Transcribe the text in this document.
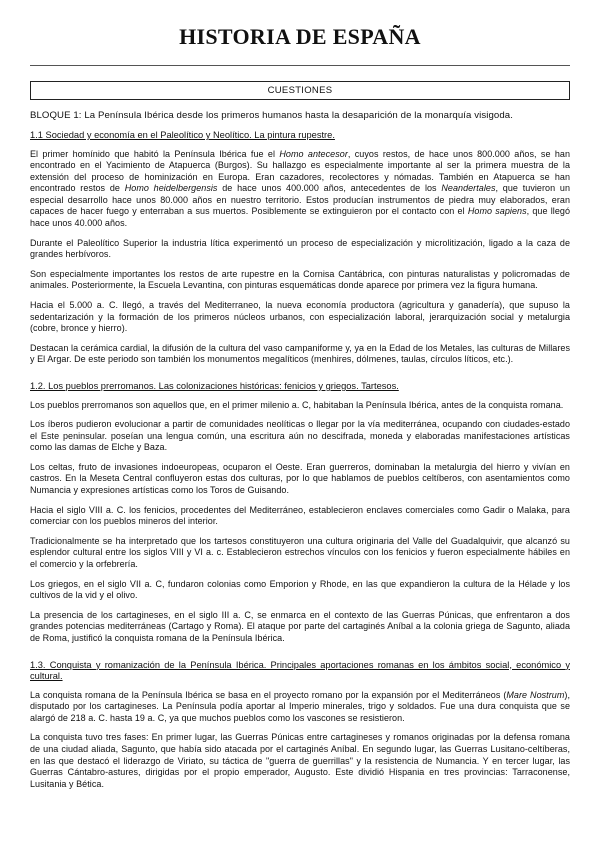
HISTORIA DE ESPAÑA
CUESTIONES

BLOQUE 1: La Península Ibérica desde los primeros humanos hasta la desaparición de la monarquía visigoda.

1.1 Sociedad y economía en el Paleolítico y Neolítico. La pintura rupestre.

El primer homínido que habitó la Península Ibérica fue el Homo antecesor, cuyos restos, de hace unos 800.000 años, se han encontrado en el Yacimiento de Atapuerca (Burgos). Su hallazgo es especialmente importante al ser la primera muestra de la extensión del proceso de hominización en Europa. Eran cazadores, recolectores y nómadas. También en Atapuerca se han encontrado restos de Homo heidelbergensis de hace unos 400.000 años, antecedentes de los Neandertales, que tuvieron un especial desarrollo hace unos 80.000 años en nuestro territorio. Estos producían instrumentos de piedra muy elaborados, eran capaces de hacer fuego y enterraban a sus muertos. Posiblemente se extinguieron por el contacto con el Homo sapiens, que llegó hace unos 40.000 años.

Durante el Paleolítico Superior la industria lítica experimentó un proceso de especialización y microlitización, ligado a la caza de grandes herbívoros.

Son especialmente importantes los restos de arte rupestre en la Cornisa Cantábrica, con pinturas naturalistas y policromadas de animales. Posteriormente, la Escuela Levantina, con pinturas esquemáticas donde aparece por primera vez la figura humana.

Hacia el 5.000 a. C. llegó, a través del Mediterraneo, la nueva economía productora (agricultura y ganadería), que supuso la sedentarización y la formación de los primeros núcleos urbanos, con especialización laboral, jerarquización social y metalurgia (cobre, bronce y hierro).

Destacan la cerámica cardial, la difusión de la cultura del vaso campaniforme y, ya en la Edad de los Metales, las culturas de Millares y El Argar. De este periodo son también los monumentos megalíticos (menhires, dólmenes, taulas, círculos líticos, etc.).

1.2. Los pueblos prerromanos. Las colonizaciones históricas: fenicios y griegos. Tartesos.

Los pueblos prerromanos son aquellos que, en el primer milenio a. C, habitaban la Península Ibérica, antes de la conquista romana.

Los íberos pudieron evolucionar a partir de comunidades neolíticas o llegar por la vía mediterránea, ocupando con ciudades-estado el Este peninsular. poseían una lengua común, una escritura aún no descifrada, moneda y elaboradas manifestaciones artísticas como las damas de Elche y Baza.

Los celtas, fruto de invasiones indoeuropeas, ocuparon el Oeste. Eran guerreros, dominaban la metalurgia del hierro y vivían en castros. En la Meseta Central confluyeron estas dos culturas, por lo que hablamos de pueblos celtíberos, con asentamientos como Numancia y expresiones artísticas como los Toros de Guisando.

Hacia el siglo VIII a. C. los fenicios, procedentes del Mediterráneo, establecieron enclaves comerciales como Gadir o Malaka, para comerciar con los pueblos mineros del interior.

Tradicionalmente se ha interpretado que los tartesos constituyeron una cultura originaria del Valle del Guadalquivir, que alcanzó su esplendor cultural entre los siglos VIII y VI a. c. Establecieron estrechos vínculos con los fenicios y fueron especialmente hábiles en el comercio y la orfebrería.

Los griegos, en el siglo VII a. C, fundaron colonias como Emporion y Rhode, en las que expandieron la cultura de la Hélade y los cultivos de la vid y el olivo.

La presencia de los cartagineses, en el siglo III a. C, se enmarca en el contexto de las Guerras Púnicas, que enfrentaron a dos grandes potencias mediterráneas (Cartago y Roma). El ataque por parte del cartaginés Aníbal a la colonia griega de Sagunto, aliada de Roma, justificó la conquista romana de la Península Ibérica.

1.3. Conquista y romanización de la Península Ibérica. Principales aportaciones romanas en los ámbitos social, económico y cultural.

La conquista romana de la Península Ibérica se basa en el proyecto romano por la expansión por el Mediterráneos (Mare Nostrum), disputado por los cartagineses. La Península podía aportar al Imperio minerales, trigo y soldados. Fue una dura conquista que se alargó de 218 a. C. hasta 19 a. C, ya que muchos pueblos como los vascones se resistieron.

La conquista tuvo tres fases: En primer lugar, las Guerras Púnicas entre cartagineses y romanos originadas por la defensa romana de una ciudad aliada, Sagunto, que había sido atacada por el cartaginés Aníbal. En segundo lugar, las Guerras Lusitano-celtíberas, en las que destacó el liderazgo de Viriato, su táctica de "guerra de guerrillas" y la resistencia de Numancia. Y en tercer lugar, las Guerras Cántabro-astures, dirigidas por el propio emperador, Augusto. Este dividió Hispania en tres provincias: Tarraconense, Lusitania y Bética.
